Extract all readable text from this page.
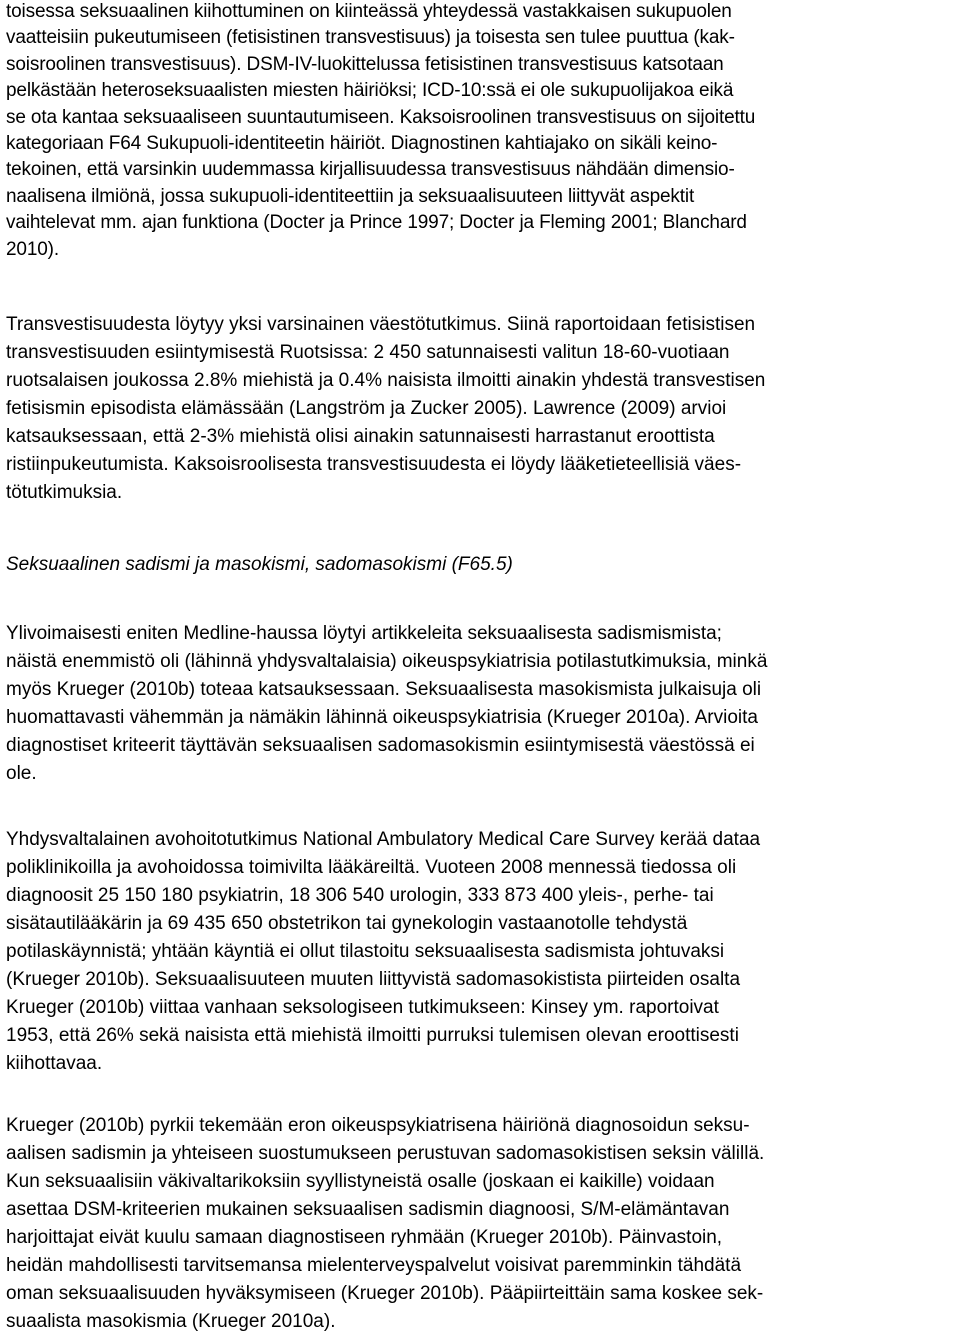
toisessa seksuaalinen kiihottuminen on kiinteässä yhteydessä vastakkaisen sukupuolen
vaatteisiin pukeutumiseen (fetisistinen transvestisuus) ja toisesta sen tulee puuttua (kak-
soisroolinen transvestisuus). DSM-IV-luokittelussa fetisistinen transvestisuus katsotaan
pelkästään heteroseksuaalisten miesten häiriöksi; ICD-10:ssä ei ole sukupuolijakoa eikä
se ota kantaa seksuaaliseen suuntautumiseen. Kaksoisroolinen transvestisuus on sijoitettu
kategoriaan F64 Sukupuoli-identiteetin häiriöt. Diagnostinen kahtiajako on sikäli keino-
tekoinen, että varsinkin uudemmassa kirjallisuudessa transvestisuus nähdään dimensio-
naalisena ilmiönä, jossa sukupuoli-identiteettiin ja seksuaalisuuteen liittyvät aspektit
vaihtelevat mm. ajan funktiona (Docter ja Prince 1997; Docter ja Fleming 2001; Blanchard
2010).
Transvestisuudesta löytyy yksi varsinainen väestötutkimus. Siinä raportoidaan fetisistisen
transvestisuuden esiintymisestä Ruotsissa: 2 450 satunnaisesti valitun 18-60-vuotiaan
ruotsalaisen joukossa 2.8% miehistä ja 0.4% naisista ilmoitti ainakin yhdestä transvestisen
fetisismin episodista elämässään (Langström ja Zucker 2005). Lawrence (2009) arvioi
katsauksessaan, että 2-3% miehistä olisi ainakin satunnaisesti harrastanut eroottista
ristiinpukeutumista. Kaksoisroolisesta transvestisuudesta ei löydy lääketieteellisiä väes-
tötutkimuksia.
Seksuaalinen sadismi ja masokismi, sadomasokismi (F65.5)
Ylivoimaisesti eniten Medline-haussa löytyi artikkeleita seksuaalisesta sadismismista;
näistä enemmistö oli (lähinnä yhdysvaltalaisia) oikeuspsykiatrisia potilastutkimuksia, minkä
myös Krueger (2010b) toteaa katsauksessaan. Seksuaalisesta masokismista julkaisuja oli
huomattavasti vähemmän ja nämäkin lähinnä oikeuspsykiatrisia (Krueger 2010a). Arvioita
diagnostiset kriteerit täyttävän seksuaalisen sadomasokismin esiintymisestä väestössä ei
ole.
Yhdysvaltalainen avohoitotutkimus National Ambulatory Medical Care Survey kerää dataa
poliklinikoilla ja avohoidossa toimivilta lääkäreiltä. Vuoteen 2008 mennessä tiedossa oli
diagnoosit 25 150 180 psykiatrin, 18 306 540 urologin, 333 873 400 yleis-, perhe- tai
sisätautilääkärin ja 69 435 650 obstetrikon tai gynekologin vastaanotolle tehdystä
potilaskäynnistä; yhtään käyntiä ei ollut tilastoitu seksuaalisesta sadismista johtuvaksi
(Krueger 2010b). Seksuaalisuuteen muuten liittyvistä sadomasokistista piirteiden osalta
Krueger (2010b) viittaa vanhaan seksologiseen tutkimukseen: Kinsey ym. raportoivat
1953, että 26% sekä naisista että miehistä ilmoitti purruksi tulemisen olevan eroottisesti
kiihottavaa.
Krueger (2010b) pyrkii tekemään eron oikeuspsykiatrisena häiriönä diagnosoidun seksu-
aalisen sadismin ja yhteiseen suostumukseen perustuvan sadomasokistisen seksin välillä.
Kun seksuaalisiin väkivaltarikoksiin syyllistyneistä osalle (joskaan ei kaikille) voidaan
asettaa DSM-kriteerien mukainen seksuaalisen sadismin diagnoosi, S/M-elämäntavan
harjoittajat eivät kuulu samaan diagnostiseen ryhmään (Krueger 2010b). Päinvastoin,
heidän mahdollisesti tarvitsemansa mielenterveyspalvelut voisivat paremminkin tähdätä
oman seksuaalisuuden hyväksymiseen (Krueger 2010b). Pääpiirteittäin sama koskee sek-
suaalista masokismia (Krueger 2010a).
